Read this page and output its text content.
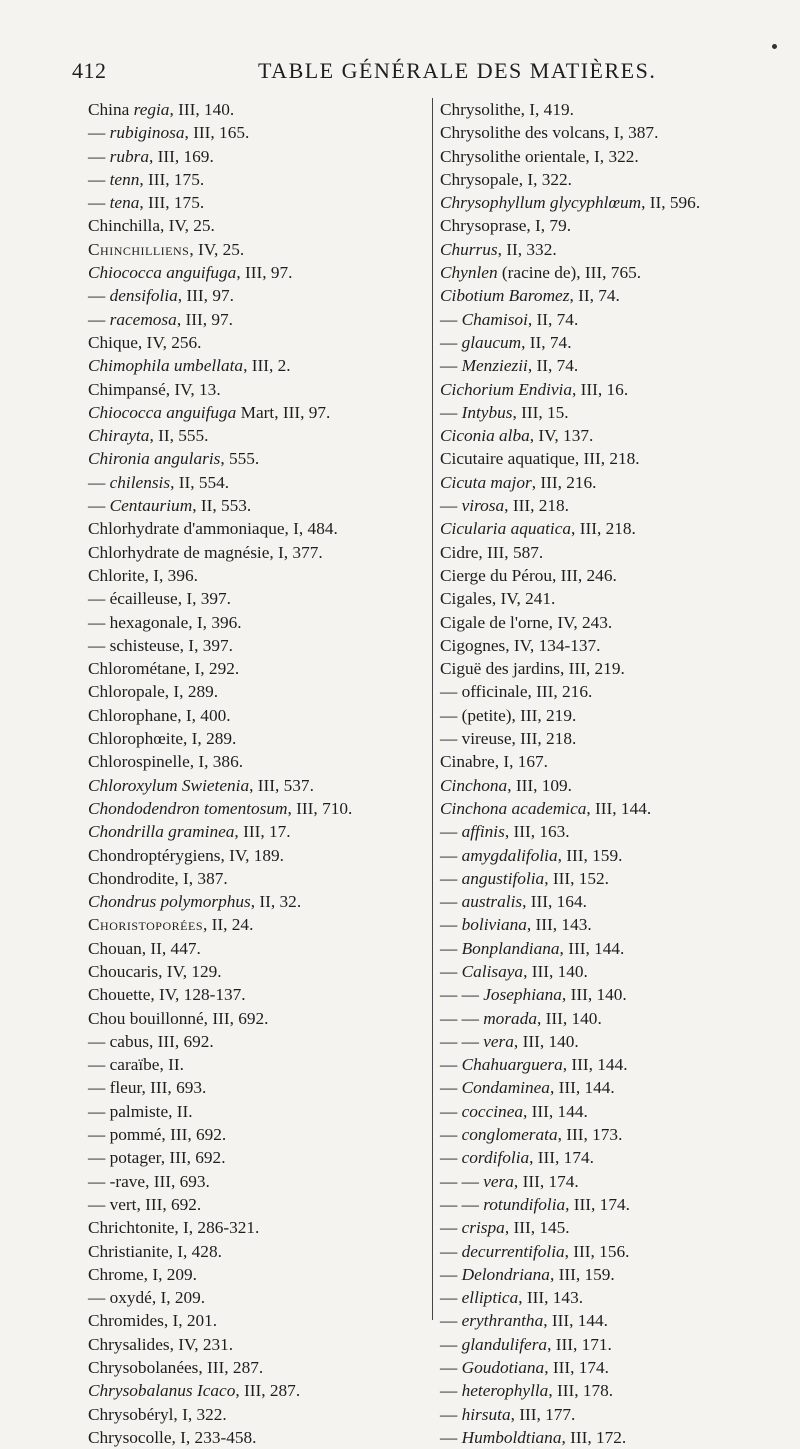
412	TABLE GÉNÉRALE DES MATIÈRES.
China regia, III, 140.
— rubiginosa, III, 165.
— rubra, III, 169.
— tenn, III, 175.
— tena, III, 175.
Chinchilla, IV, 25.
Chinchilliens, IV, 25.
Chiococca anguifuga, III, 97.
— densifolia, III, 97.
— racemosa, III, 97.
Chique, IV, 256.
Chimophila umbellata, III, 2.
Chimpansé, IV, 13.
Chiococca anguifuga Mart, III, 97.
Chirayta, II, 555.
Chironia angularis, 555.
— chilensis, II, 554.
— Centaurium, II, 553.
Chlorhydrate d'ammoniaque, I, 484.
Chlorhydrate de magnésie, I, 377.
Chlorite, I, 396.
— écailleuse, I, 397.
— hexagonale, I, 396.
— schisteuse, I, 397.
Chlorométane, I, 292.
Chloropale, I, 289.
Chlorophane, I, 400.
Chlorophœite, I, 289.
Chlorospinelle, I, 386.
Chloroxylum Swietenia, III, 537.
Chondodendron tomentosum, III, 710.
Chondrilla graminea, III, 17.
Chondroptérygiens, IV, 189.
Chondrodite, I, 387.
Chondrus polymorphus, II, 32.
Choristoporées, II, 24.
Chouan, II, 447.
Choucaris, IV, 129.
Chouette, IV, 128-137.
Chou bouillonné, III, 692.
— cabus, III, 692.
— caraïbe, II.
— fleur, III, 693.
— palmiste, II.
— pommé, III, 692.
— potager, III, 692.
— -rave, III, 693.
— vert, III, 692.
Chrichtonite, I, 286-321.
Christianite, I, 428.
Chrome, I, 209.
— oxydé, I, 209.
Chromides, I, 201.
Chrysalides, IV, 231.
Chrysobolanées, III, 287.
Chrysobalanus Icaco, III, 287.
Chrysobéryl, I, 322.
Chrysocolle, I, 233-458.
Chrysolithe, I, 419.
Chrysolithe des volcans, I, 387.
Chrysolithe orientale, I, 322.
Chrysopale, I, 322.
Chrysophyllum glycyphlœum, II, 596.
Chrysoprase, I, 79.
Churrus, II, 332.
Chynlen (racine de), III, 765.
Cibotium Baromez, II, 74.
— Chamisoi, II, 74.
— glaucum, II, 74.
— Menziezii, II, 74.
Cichorium Endivia, III, 16.
— Intybus, III, 15.
Ciconia alba, IV, 137.
Cicutaire aquatique, III, 218.
Cicuta major, III, 216.
— virosa, III, 218.
Cicularia aquatica, III, 218.
Cidre, III, 587.
Cierge du Pérou, III, 246.
Cigales, IV, 241.
Cigale de l'orne, IV, 243.
Cigognes, IV, 134-137.
Ciguë des jardins, III, 219.
— officinale, III, 216.
— (petite), III, 219.
— vireuse, III, 218.
Cinabre, I, 167.
Cinchona, III, 109.
Cinchona academica, III, 144.
— affinis, III, 163.
— amygdalifolia, III, 159.
— angustifolia, III, 152.
— australis, III, 164.
— boliviana, III, 143.
— Bonplandiana, III, 144.
— Calisaya, III, 140.
— — Josephiana, III, 140.
— — morada, III, 140.
— — vera, III, 140.
— Chahuarguera, III, 144.
— Condaminea, III, 144.
— coccinea, III, 144.
— conglomerata, III, 173.
— cordifolia, III, 174.
— — vera, III, 174.
— — rotundifolia, III, 174.
— crispa, III, 145.
— decurrentifolia, III, 156.
— Delondriana, III, 159.
— elliptica, III, 143.
— erythrantha, III, 144.
— glandulifera, III, 171.
— Goudotiana, III, 174.
— heterophylla, III, 178.
— hirsuta, III, 177.
— Humboldtiana, III, 172.
